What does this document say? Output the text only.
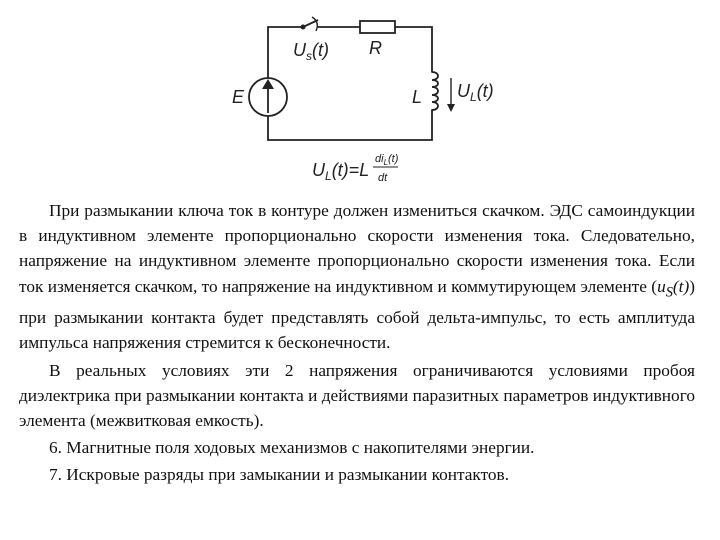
$U_s(t)$ R
E	L $U_L(t)$
$U_L(t)=L$
$di_L(t)$
dt

При размыкании ключа ток в контуре должен измениться скачком. ЭДС самоиндукции в индуктивном элементе пропорционально скорости изменения тока. Следовательно, напряжение на индуктивном элементе пропорционально скорости изменения тока. Если ток изменяется скачком, то напряжение на индуктивном и коммутирующем элементе $(u_S(t))$ при размыкании контакта будет представлять собой дельта-импульс, то есть амплитуда импульса напряжения стремится к бесконечности.

В реальных условиях эти 2 напряжения ограничиваются условиями пробоя диэлектрика при размыкании контакта и действиями паразитных параметров индуктивного элемента (межвитковая емкость).

6. Магнитные поля ходовых механизмов с накопителями энергии.

7. Искровые разряды при замыкании и размыкании контактов.
